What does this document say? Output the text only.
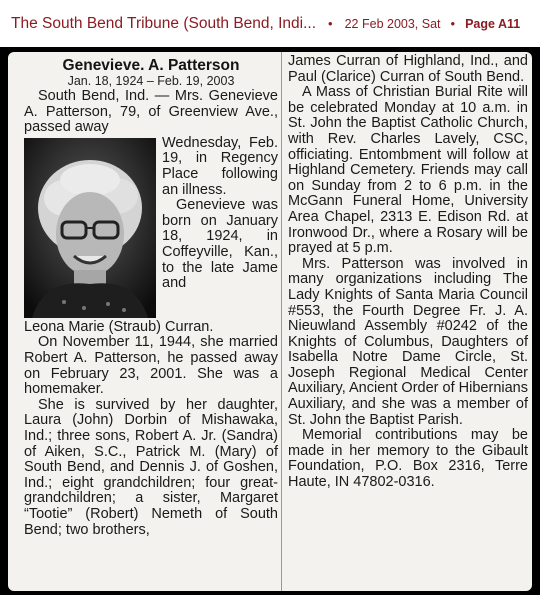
The South Bend Tribune (South Bend, Indi... • 22 Feb 2003, Sat • Page A11
Genevieve. A. Patterson
Jan. 18, 1924 – Feb. 19, 2003

South Bend, Ind. — Mrs. Genevieve A. Patterson, 79, of Greenview Ave., passed away

Wednesday, Feb. 19, in Regency Place following an illness.

Genevieve was born on January 18, 1924, in Coffeyville, Kan., to the late Jame and

Leona Marie (Straub) Curran.

On November 11, 1944, she married Robert A. Patterson, he passed away on February 23, 2001. She was a homemaker.

She is survived by her daughter, Laura (John) Dorbin of Mishawaka, Ind.; three sons, Robert A. Jr. (Sandra) of Aiken, S.C., Patrick M. (Mary) of South Bend, and Dennis J. of Goshen, Ind.; eight grandchildren; four great-grandchildren; a sister, Margaret “Tootie” (Robert) Nemeth of South Bend; two brothers,

James Curran of Highland, Ind., and Paul (Clarice) Curran of South Bend.

A Mass of Christian Burial Rite will be celebrated Monday at 10 a.m. in St. John the Baptist Catholic Church, with Rev. Charles Lavely, CSC, officiating. Entombment will follow at Highland Cemetery. Friends may call on Sunday from 2 to 6 p.m. in the McGann Funeral Home, University Area Chapel, 2313 E. Edison Rd. at Ironwood Dr., where a Rosary will be prayed at 5 p.m.

Mrs. Patterson was involved in many organizations including The Lady Knights of Santa Maria Council #553, the Fourth Degree Fr. J. A. Nieuwland Assembly #0242 of the Knights of Columbus, Daughters of Isabella Notre Dame Circle, St. Joseph Regional Medical Center Auxiliary, Ancient Order of Hibernians Auxiliary, and she was a member of St. John the Baptist Parish.

Memorial contributions may be made in her memory to the Gibault Foundation, P.O. Box 2316, Terre Haute, IN 47802-0316.
